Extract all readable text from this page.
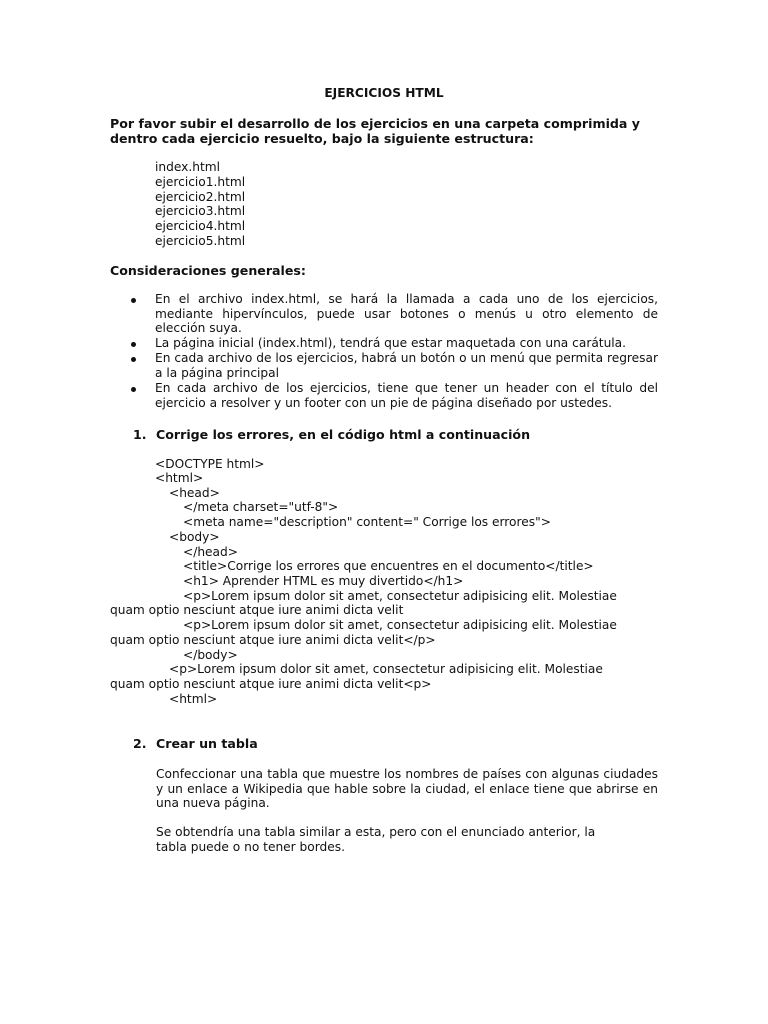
EJERCICIOS HTML
Por favor subir el desarrollo de los ejercicios en una carpeta comprimida y
dentro cada ejercicio resuelto, bajo la siguiente estructura:
index.html
ejercicio1.html
ejercicio2.html
ejercicio3.html
ejercicio4.html
ejercicio5.html
Consideraciones generales:
En el archivo index.html, se hará la llamada a cada uno de los ejercicios, mediante hipervínculos, puede usar botones o menús u otro elemento de elección suya.
La página inicial (index.html), tendrá que estar maquetada con una carátula.
En cada archivo de los ejercicios, habrá un botón o un menú que permita regresar a la página principal
En cada archivo de los ejercicios, tiene que tener un header con el título del ejercicio a resolver y un footer con un pie de página diseñado por ustedes.
1. Corrige los errores, en el código html a continuación
<DOCTYPE html>
<html>
<head>
</meta charset="utf-8">
<meta name="description" content=" Corrige los errores">
<body>
</head>
<title>Corrige los errores que encuentres en el documento</title>
<h1> Aprender HTML es muy divertido</h1>
<p>Lorem ipsum dolor sit amet, consectetur adipisicing elit. Molestiae
quam optio nesciunt atque iure animi dicta velit
<p>Lorem ipsum dolor sit amet, consectetur adipisicing elit. Molestiae
quam optio nesciunt atque iure animi dicta velit</p>
</body>
<p>Lorem ipsum dolor sit amet, consectetur adipisicing elit. Molestiae
quam optio nesciunt atque iure animi dicta velit<p>
<html>
2. Crear un tabla
Confeccionar una tabla que muestre los nombres de países con algunas ciudades y un enlace a Wikipedia que hable sobre la ciudad, el enlace tiene que abrirse en una nueva página.
Se obtendría una tabla similar a esta, pero con el enunciado anterior, la tabla puede o no tener bordes.
